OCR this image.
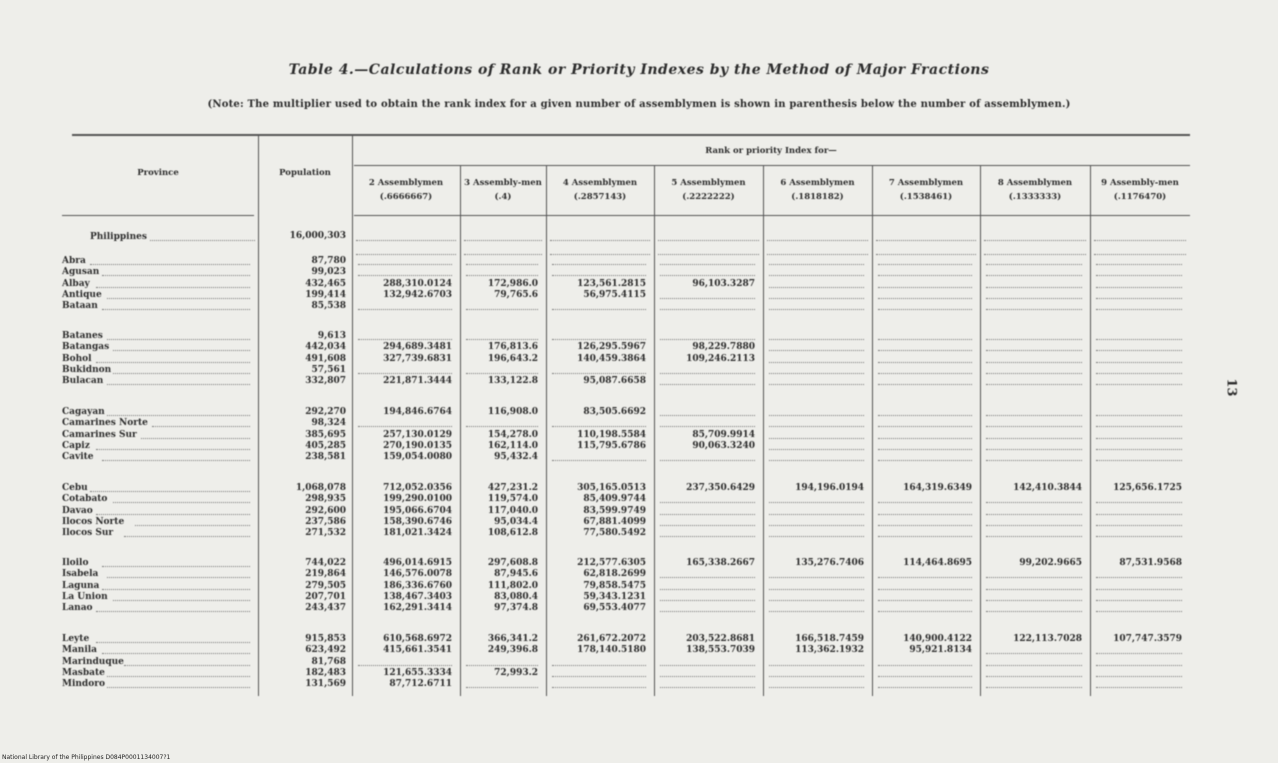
Table 4.—Calculations of Rank or Priority Indexes by the Method of Major Fractions
(Note: The multiplier used to obtain the rank index for a given number of assemblymen is shown in parenthesis below the number of assemblymen.)
13
Province	Population
Rank or priority Index for—
2 Assemblymen
(.6666667)
3 Assembly-men
(.4)
4 Assemblymen
(.2857143)
5 Assemblymen
(.2222222)
6 Assemblymen
(.1818182)
7 Assemblymen
(.1538461)
8 Assemblymen
(.1333333)
9 Assembly-men
(.1176470)
Philippines	16,000,303
Abra	87,780
Agusan	99,023
Albay	432,465	288,310.0124	172,986.0	123,561.2815	96,103.3287
Antique	199,414	132,942.6703	79,765.6	56,975.4115
Bataan	85,538
Batanes	9,613
Batangas	442,034	294,689.3481	176,813.6	126,295.5967	98,229.7880
Bohol	491,608	327,739.6831	196,643.2	140,459.3864	109,246.2113
Bukidnon	57,561
Bulacan	332,807	221,871.3444	133,122.8	95,087.6658
Cagayan	292,270	194,846.6764	116,908.0	83,505.6692
Camarines Norte	98,324
Camarines Sur	385,695	257,130.0129	154,278.0	110,198.5584	85,709.9914
Capiz	405,285	270,190.0135	162,114.0	115,795.6786	90,063.3240
Cavite	238,581	159,054.0080	95,432.4
Cebu	1,068,078	712,052.0356	427,231.2	305,165.0513	237,350.6429	194,196.0194	164,319.6349	142,410.3844	125,656.1725
Cotabato	298,935	199,290.0100	119,574.0	85,409.9744
Davao	292,600	195,066.6704	117,040.0	83,599.9749
Ilocos Norte	237,586	158,390.6746	95,034.4	67,881.4099
Ilocos Sur	271,532	181,021.3424	108,612.8	77,580.5492
Iloilo	744,022	496,014.6915	297,608.8	212,577.6305	165,338.2667	135,276.7406	114,464.8695	99,202.9665	87,531.9568
Isabela	219,864	146,576.0078	87,945.6	62,818.2699
Laguna	279,505	186,336.6760	111,802.0	79,858.5475
La Union	207,701	138,467.3403	83,080.4	59,343.1231
Lanao	243,437	162,291.3414	97,374.8	69,553.4077
Leyte	915,853	610,568.6972	366,341.2	261,672.2072	203,522.8681	166,518.7459	140,900.4122	122,113.7028	107,747.3579
Manila	623,492	415,661.3541	249,396.8	178,140.5180	138,553.7039	113,362.1932	95,921.8134
Marinduque	81,768
Masbate	182,483	121,655.3334	72,993.2
Mindoro	131,569	87,712.6711
National Library of the Philippines D084P0001134007?1
